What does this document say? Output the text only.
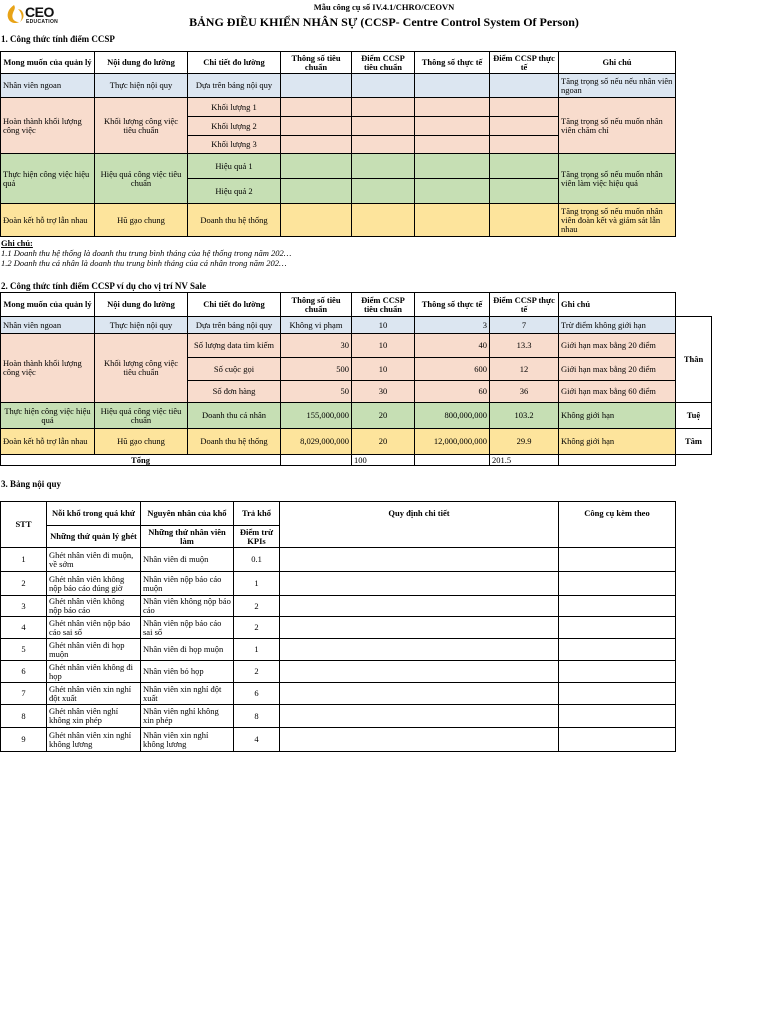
CEO
EDUCATION
Mẫu công cụ số IV.4.1/CHRO/CEOVN
BẢNG ĐIỀU KHIỂN NHÂN SỰ (CCSP- Centre Control System Of Person)
1. Công thức tính điểm CCSP
Mong muốn của quản lý	Nội dung đo lường	Chi tiết đo lường	Thông số tiêu chuẩn	Điểm CCSP tiêu chuẩn	Thông số thực tế	Điểm CCSP thực tế	Ghi chú
Nhân viên ngoan	Thực hiện nội quy	Dựa trên bảng nội quy					Tăng trọng số nếu nếu nhân viên ngoan
Hoàn thành khối lượng công việc	Khối lượng công việc tiêu chuẩn	Khối lượng 1					Tăng trọng số nếu muốn nhân viên chăm chỉ
		Khối lượng 2					
		Khối lượng 3					
Thực hiện công việc hiệu quả	Hiệu quả công việc tiêu chuẩn	Hiệu quả 1					Tăng trọng số nếu muốn nhân viên làm việc hiệu quả
		Hiệu quả 2					
Đoàn kết hỗ trợ lẫn nhau	Hũ gạo chung	Doanh thu hệ thống					Tăng trọng số nếu muốn nhân viên đoàn kết và giám sát lẫn nhau
Ghi chú:
1.1 Doanh thu hệ thống là doanh thu trung bình tháng của hệ thống trong năm 202…
1.2 Doanh thu cá nhân là doanh thu trung bình tháng của cá nhân trong năm 202…
2. Công thức tính điểm CCSP ví dụ cho vị trí NV Sale
Mong muốn của quản lý	Nội dung đo lường	Chi tiết đo lường	Thông số tiêu chuẩn	Điểm CCSP tiêu chuẩn	Thông số thực tế	Điểm CCSP thực tế	Ghi chú	
Nhân viên ngoan	Thực hiện nội quy	Dựa trên bảng nội quy	Không vi phạm	10	3	7	Trừ điểm không giới hạn	Thân
Hoàn thành khối lượng công việc	Khối lượng công việc tiêu chuẩn	Số lượng data tìm kiếm	30	10	40	13.3	Giới hạn max bằng 20 điểm	
		Số cuộc gọi	500	10	600	12	Giới hạn max bằng 20 điểm	
		Số đơn hàng	50	30	60	36	Giới hạn max bằng 60 điểm	
Thực hiện công việc hiệu quả	Hiệu quả công việc tiêu chuẩn	Doanh thu cá nhân	155,000,000	20	800,000,000	103.2	Không giới hạn	Tuệ
Đoàn kết hỗ trợ lẫn nhau	Hũ gạo chung	Doanh thu hệ thống	8,029,000,000	20	12,000,000,000	29.9	Không giới hạn	Tâm
Tổng				100		201.5		
3. Bảng nội quy
STT	Nỗi khổ trong quá khứ	Nguyên nhân của khổ	Trả khổ	Quy định chi tiết	Công cụ kèm theo
	Những thứ quản lý ghét	Những thứ nhân viên làm	Điểm trừ KPIs		
1	Ghét nhân viên đi muộn, về sớm	Nhân viên đi muộn	0.1		
2	Ghét nhân viên không nộp báo cáo đúng giờ	Nhân viên nộp báo cáo muộn	1		
3	Ghét nhân viên không nộp báo cáo	Nhân viên không nộp báo cáo	2		
4	Ghét nhân viên nộp báo cáo sai số	Nhân viên nộp báo cáo sai số	2		
5	Ghét nhân viên đi họp muộn	Nhân viên đi họp muộn	1		
6	Ghét nhân viên không đi họp	Nhân viên bỏ họp	2		
7	Ghét nhân viên xin nghỉ đột xuất	Nhân viên xin nghỉ đột xuất	6		
8	Ghét nhân viên nghỉ không xin phép	Nhân viên nghỉ không xin phép	8		
9	Ghét nhân viên xin nghỉ không lương	Nhân viên xin nghỉ không lương	4		
